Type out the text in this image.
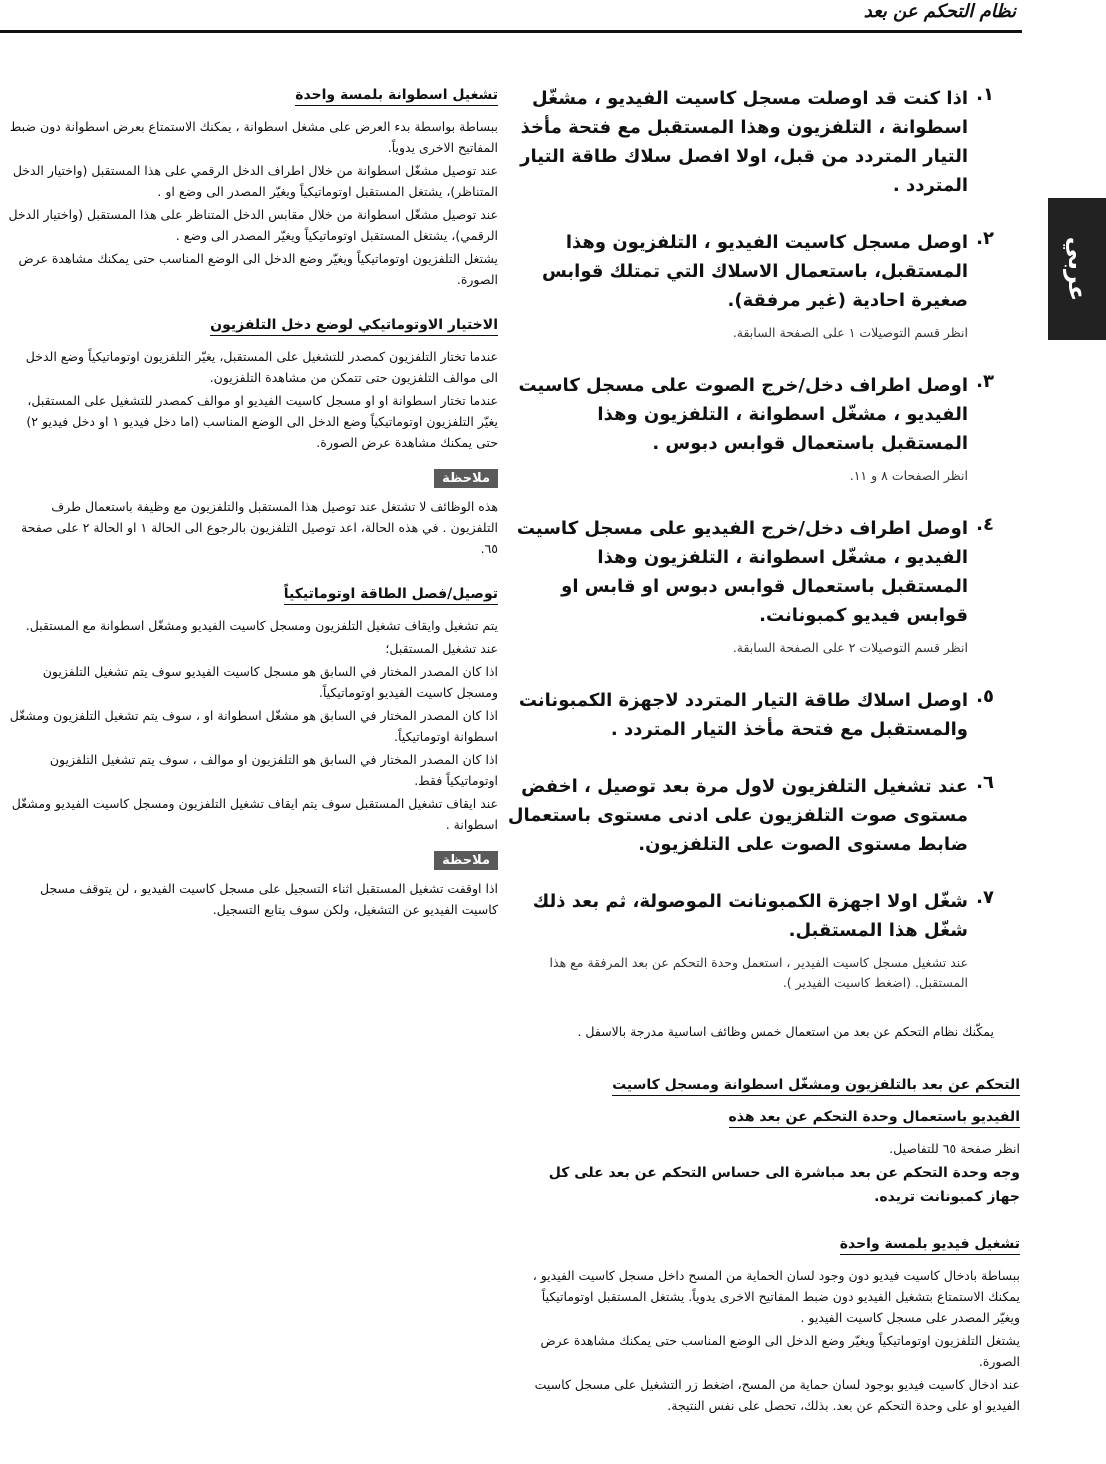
نظام التحكم عن بعد
عربي
١.

اذا كنت قد اوصلت مسجل كاسيت الفيديو ، مشغّل اسطوانة ، التلفزيون وهذا المستقبل مع فتحة مأخذ التيار المتردد من قبل، اولا افصل سلاك طاقة التيار المتردد .

٢.

اوصل مسجل كاسيت الفيديو ، التلفزيون وهذا المستقبل، باستعمال الاسلاك التي تمتلك قوابس صغيرة احادية (غير مرفقة).

انظر قسم التوصيلات ١ على الصفحة السابقة.

٣.

اوصل اطراف دخل/خرج الصوت على مسجل كاسيت الفيديو ، مشغّل اسطوانة ، التلفزيون وهذا المستقبل باستعمال قوابس دبوس .

انظر الصفحات ٨ و ١١.

٤.

اوصل اطراف دخل/خرج الفيديو على مسجل كاسيت الفيديو ، مشغّل اسطوانة ، التلفزيون وهذا المستقبل باستعمال قوابس دبوس او قابس او قوابس فيديو كمبونانت.

انظر قسم التوصيلات ٢ على الصفحة السابقة.

٥.

اوصل اسلاك طاقة التيار المتردد لاجهزة الكمبونانت والمستقبل مع فتحة مأخذ التيار المتردد .

٦.

عند تشغيل التلفزيون لاول مرة بعد توصيل ، اخفض مستوى صوت التلفزيون على ادنى مستوى باستعمال ضابط مستوى الصوت على التلفزيون.

٧.

شغّل اولا اجهزة الكمبونانت الموصولة، ثم بعد ذلك شغّل هذا المستقبل.

عند تشغيل مسجل كاسيت الفيدير ، استعمل وحدة التحكم عن بعد المرفقة مع هذا المستقبل. (اضغط كاسيت الفيدير ).

يمكّنك نظام التحكم عن بعد من استعمال خمس وظائف اساسية مدرجة بالاسفل .

التحكم عن بعد بالتلفزيون ومشغّل اسطوانة ومسجل كاسيت
الفيديو باستعمال وحدة التحكم عن بعد هذه

انظر صفحة ٦٥ للتفاصيل.

وجه وحدة التحكم عن بعد مباشرة الى حساس التحكم عن بعد على كل جهاز كمبونانت تريده.

تشغيل فيديو بلمسة واحدة

ببساطة بادخال كاسيت فيديو دون وجود لسان الحماية من المسح داخل مسجل كاسيت الفيديو ، يمكنك الاستمتاع بتشغيل الفيديو دون ضبط المفاتيح الاخرى يدوياً. يشتغل المستقبل اوتوماتيكياً ويغيّر المصدر على مسجل كاسيت الفيديو .

يشتغل التلفزيون اوتوماتيكياً ويغيّر وضع الدخل الى الوضع المناسب حتى يمكنك مشاهدة عرض الصورة.

عند ادخال كاسيت فيديو بوجود لسان حماية من المسح، اضغط زر التشغيل على مسجل كاسيت الفيديو او على وحدة التحكم عن بعد. بذلك، تحصل على نفس النتيجة.

تشغيل اسطوانة بلمسة واحدة

ببساطة بواسطة بدء العرض على مشغل اسطوانة ، يمكنك الاستمتاع بعرض اسطوانة دون ضبط المفاتيح الاخرى يدوياً.

عند توصيل مشغّل اسطوانة من خلال اطراف الدخل الرقمي على هذا المستقبل (واختيار الدخل المتناظر)، يشتغل المستقبل اوتوماتيكياً ويغيّر المصدر الى وضع او .

عند توصيل مشغّل اسطوانة من خلال مقابس الدخل المتناظر على هذا المستقبل (واختيار الدخل الرقمي)، يشتغل المستقبل اوتوماتيكياً ويغيّر المصدر الى وضع .

يشتغل التلفزيون اوتوماتيكياً ويغيّر وضع الدخل الى الوضع المناسب حتى يمكنك مشاهدة عرض الصورة.

الاختيار الاوتوماتيكي لوضع دخل التلفزيون

عندما تختار التلفزيون كمصدر للتشغيل على المستقبل، يغيّر التلفزيون اوتوماتيكياً وضع الدخل الى موالف التلفزيون حتى تتمكن من مشاهدة التلفزيون.

عندما تختار اسطوانة او او مسجل كاسيت الفيديو او موالف كمصدر للتشغيل على المستقبل، يغيّر التلفزيون اوتوماتيكياً وضع الدخل الى الوضع المناسب (اما دخل فيديو ١ او دخل فيديو ٢) حتى يمكنك مشاهدة عرض الصورة.

ملاحظة

هذه الوظائف لا تشتغل عند توصيل هذا المستقبل والتلفزيون مع وظيفة باستعمال طرف التلفزيون . في هذه الحالة، اعد توصيل التلفزيون بالرجوع الى الحالة ١ او الحالة ٢ على صفحة ٦٥.

توصيل/فصل الطاقة اوتوماتيكياً

يتم تشغيل وايقاف تشغيل التلفزيون ومسجل كاسيت الفيديو ومشغّل اسطوانة مع المستقبل.

عند تشغيل المستقبل؛

اذا كان المصدر المختار في السابق هو مسجل كاسيت الفيديو سوف يتم تشغيل التلفزيون ومسجل كاسيت الفيديو اوتوماتيكياً.

اذا كان المصدر المختار في السابق هو مشغّل اسطوانة او ، سوف يتم تشغيل التلفزيون ومشغّل اسطوانة اوتوماتيكياً.

اذا كان المصدر المختار في السابق هو التلفزيون او موالف ، سوف يتم تشغيل التلفزيون اوتوماتيكياً فقط.

عند ايقاف تشغيل المستقبل سوف يتم ايقاف تشغيل التلفزيون ومسجل كاسيت الفيديو ومشغّل اسطوانة .

ملاحظة

اذا اوقفت تشغيل المستقبل اثناء التسجيل على مسجل كاسيت الفيديو ، لن يتوقف مسجل كاسيت الفيديو عن التشغيل، ولكن سوف يتابع التسجيل.
